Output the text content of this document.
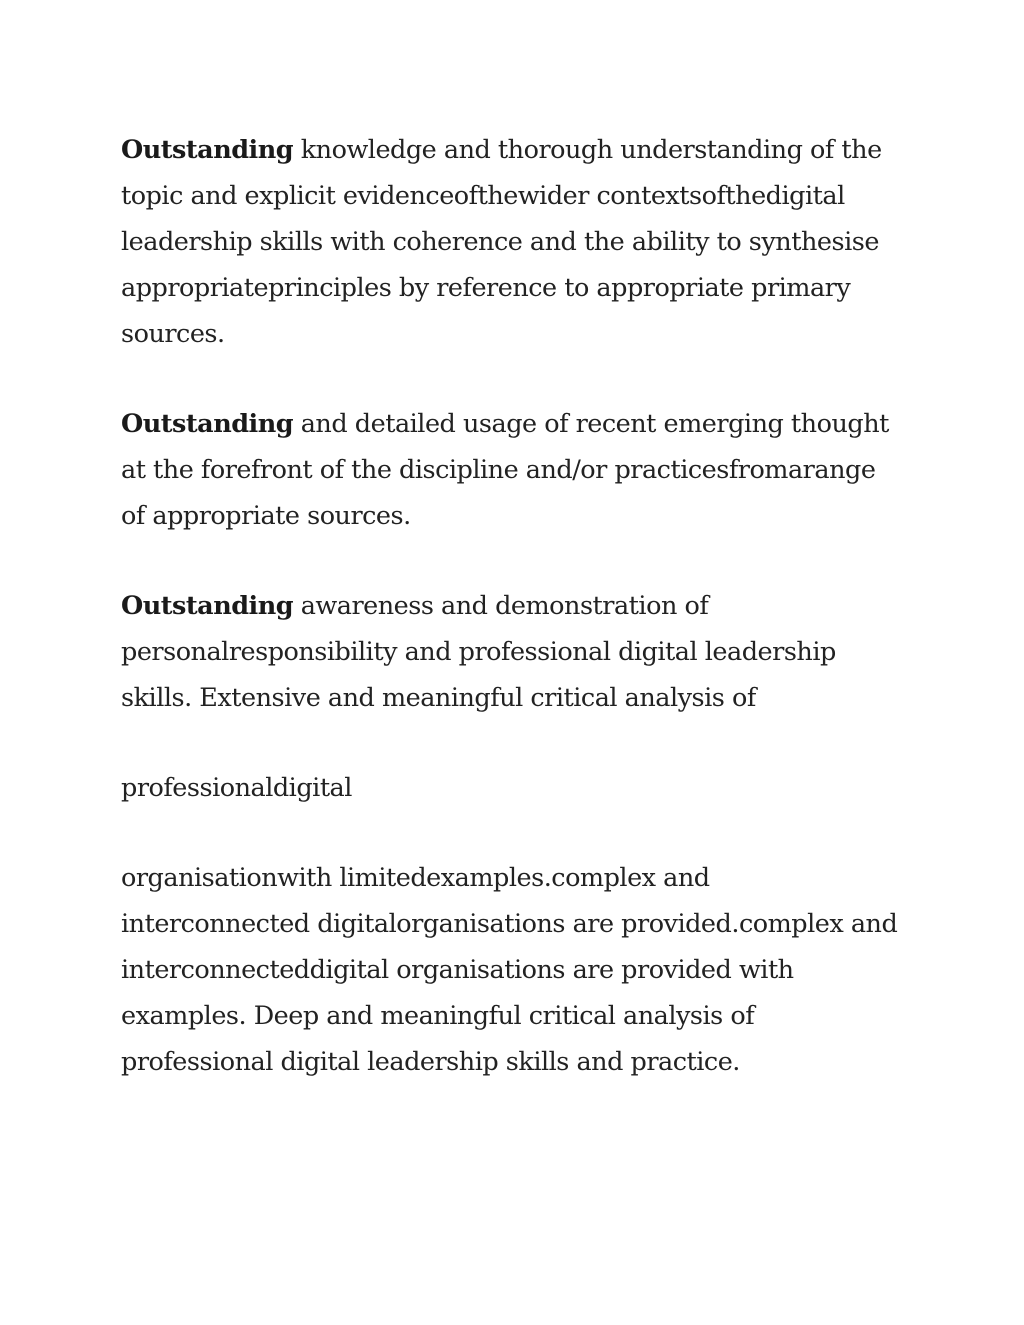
Outstanding knowledge and thorough understanding of the
topic and explicit evidenceofthewider contextsofthedigital
leadership skills with coherence and the ability to synthesise
appropriateprinciples by reference to appropriate primary
sources.

Outstanding and detailed usage of recent emerging thought
at the forefront of the discipline and/or practicesfromarange
of appropriate sources.

Outstanding awareness and demonstration of
personalresponsibility and professional digital leadership
skills. Extensive and meaningful critical analysis of

professionaldigital

organisationwith limitedexamples.complex and
interconnected digitalorganisations are provided.complex and
interconnecteddigital organisations are provided with
examples. Deep and meaningful critical analysis of
professional digital leadership skills and practice.
